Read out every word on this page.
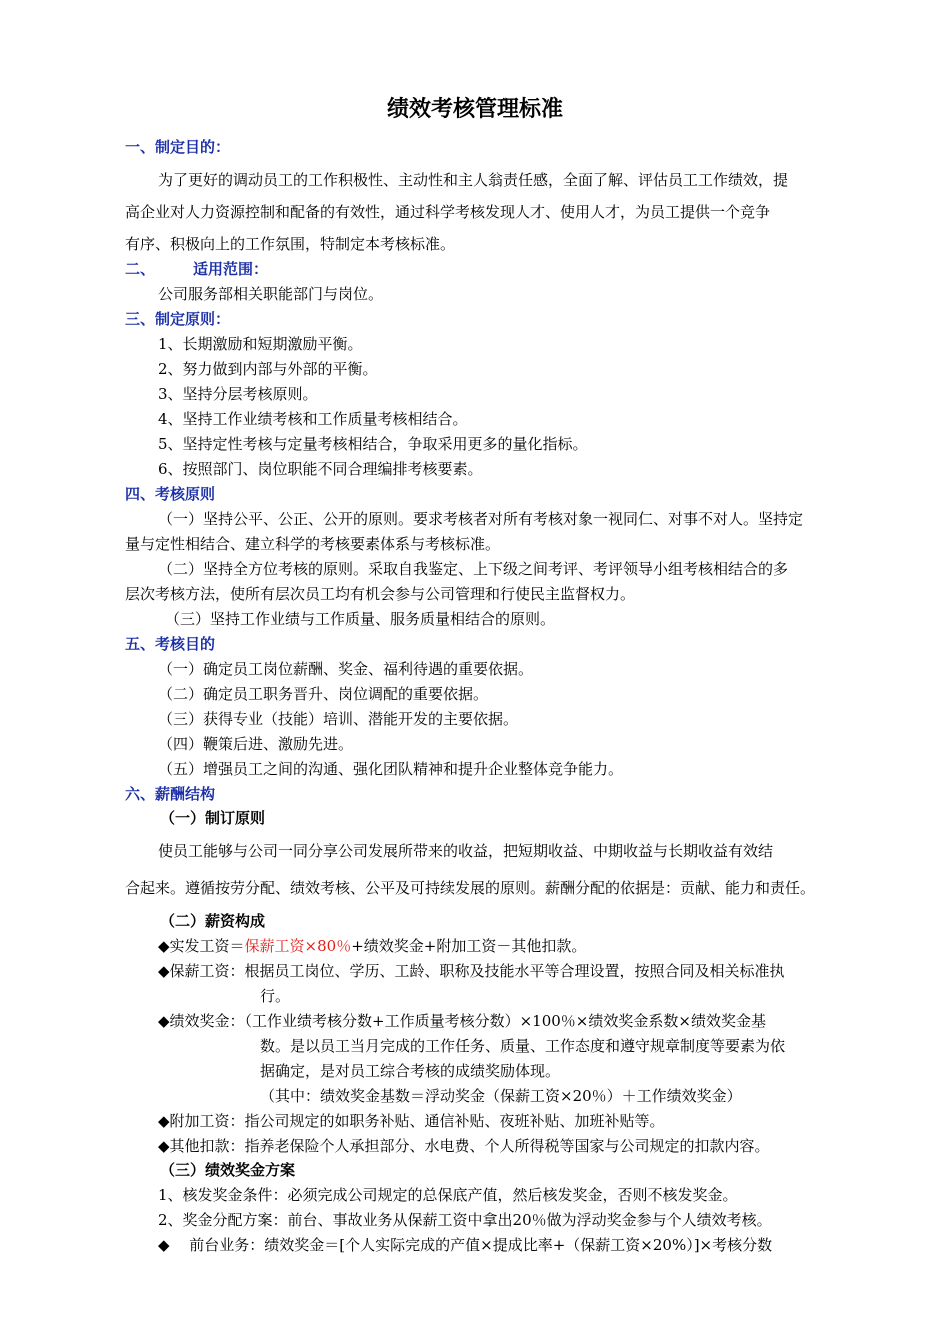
绩效考核管理标准
一、制定目的：
为了更好的调动员工的工作积极性、主动性和主人翁责任感，全面了解、评估员工工作绩效，提
高企业对人力资源控制和配备的有效性，通过科学考核发现人才、使用人才，为员工提供一个竞争
有序、积极向上的工作氛围，特制定本考核标准。
二、	适用范围：
公司服务部相关职能部门与岗位。
三、制定原则：
1、长期激励和短期激励平衡。
2、努力做到内部与外部的平衡。
3、坚持分层考核原则。
4、坚持工作业绩考核和工作质量考核相结合。
5、坚持定性考核与定量考核相结合，争取采用更多的量化指标。
6、按照部门、岗位职能不同合理编排考核要素。
四、考核原则
（一）坚持公平、公正、公开的原则。要求考核者对所有考核对象一视同仁、对事不对人。坚持定
量与定性相结合、建立科学的考核要素体系与考核标准。
（二）坚持全方位考核的原则。采取自我鉴定、上下级之间考评、考评领导小组考核相结合的多
层次考核方法，使所有层次员工均有机会参与公司管理和行使民主监督权力。
（三）坚持工作业绩与工作质量、服务质量相结合的原则。
五、考核目的
（一）确定员工岗位薪酬、奖金、福利待遇的重要依据。
（二）确定员工职务晋升、岗位调配的重要依据。
（三）获得专业（技能）培训、潜能开发的主要依据。
（四）鞭策后进、激励先进。
（五）增强员工之间的沟通、强化团队精神和提升企业整体竞争能力。
六、薪酬结构
（一）制订原则
使员工能够与公司一同分享公司发展所带来的收益，把短期收益、中期收益与长期收益有效结
合起来。遵循按劳分配、绩效考核、公平及可持续发展的原则。薪酬分配的依据是：贡献、能力和责任。
（二）薪资构成
◆实发工资＝保薪工资×80％+绩效奖金+附加工资－其他扣款。
◆保薪工资：根据员工岗位、学历、工龄、职称及技能水平等合理设置，按照合同及相关标准执
行。
◆绩效奖金：（工作业绩考核分数+工作质量考核分数）×100％×绩效奖金系数×绩效奖金基
数。是以员工当月完成的工作任务、质量、工作态度和遵守规章制度等要素为依
据确定，是对员工综合考核的成绩奖励体现。
（其中：绩效奖金基数＝浮动奖金（保薪工资×20％）＋工作绩效奖金）
◆附加工资：指公司规定的如职务补贴、通信补贴、夜班补贴、加班补贴等。
◆其他扣款：指养老保险个人承担部分、水电费、个人所得税等国家与公司规定的扣款内容。
（三）绩效奖金方案
1、核发奖金条件：必须完成公司规定的总保底产值，然后核发奖金，否则不核发奖金。
2、奖金分配方案：前台、事故业务从保薪工资中拿出20％做为浮动奖金参与个人绩效考核。
◆　 前台业务：绩效奖金＝[个人实际完成的产值×提成比率+（保薪工资×20%）]×考核分数
